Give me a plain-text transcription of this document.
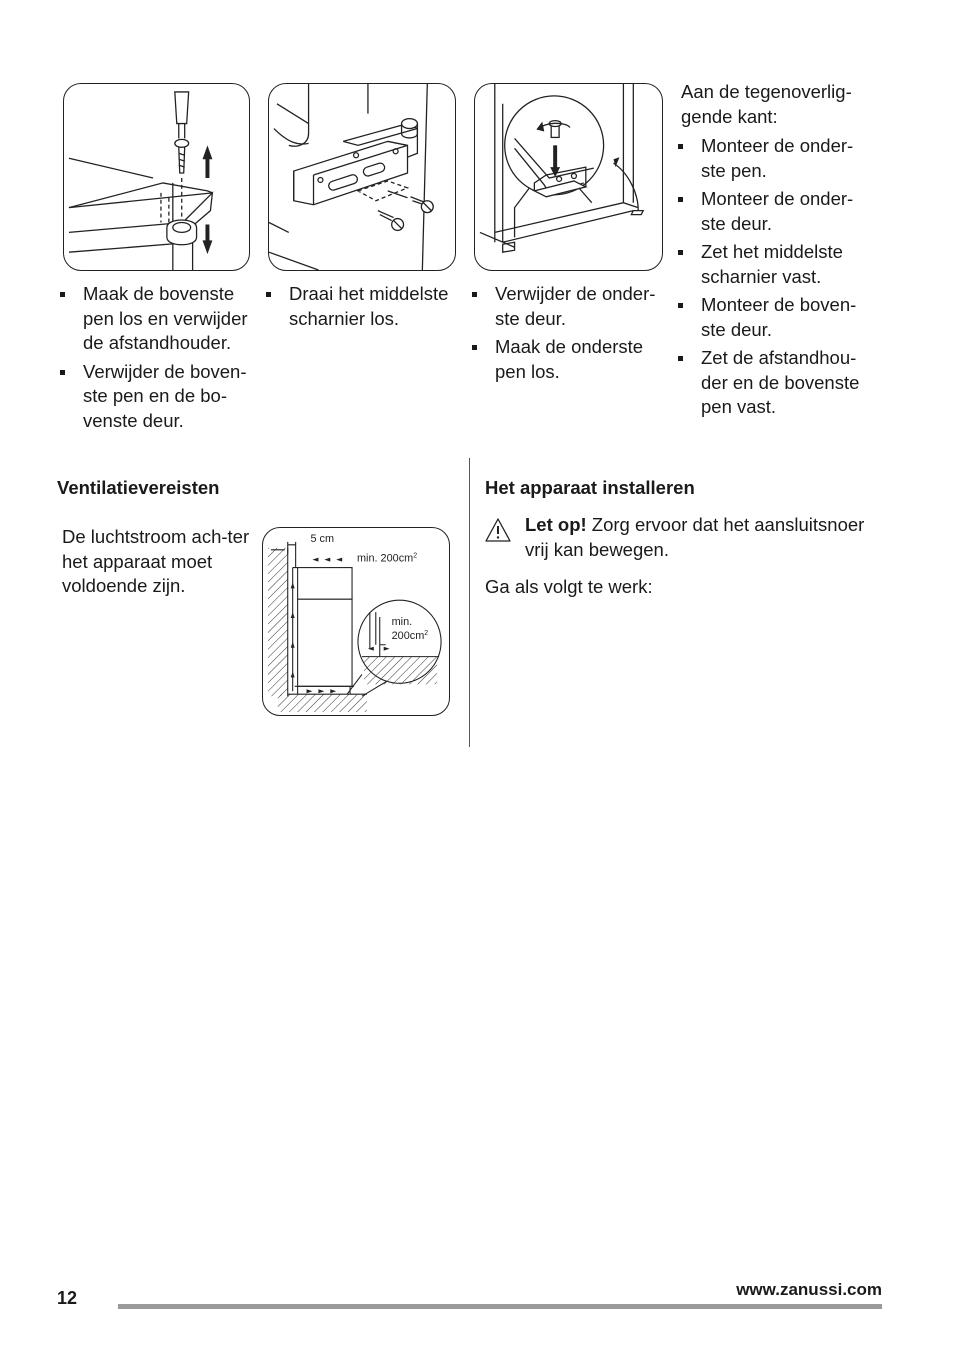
Maak de bovenste pen los en verwijder de afstandhouder.
Verwijder de boven-ste pen en de bo-venste deur.
Draai het middelste scharnier los.
Verwijder de onder-ste deur.
Maak de onderste pen los.

Aan de tegenoverlig-gende kant:

Monteer de onder-ste pen.
Monteer de onder-ste deur.
Zet het middelste scharnier vast.
Monteer de boven-ste deur.
Zet de afstandhou-der en de bovenste pen vast.
Ventilatievereisten

De luchtstroom ach-ter het apparaat moet voldoende zijn.

5 cm
min. $200cm^2$
min.
$200cm^2$
Het apparaat installeren

Let op! Zorg ervoor dat het aansluitsnoer vrij kan bewegen.

Ga als volgt te werk:

12	www.zanussi.com
